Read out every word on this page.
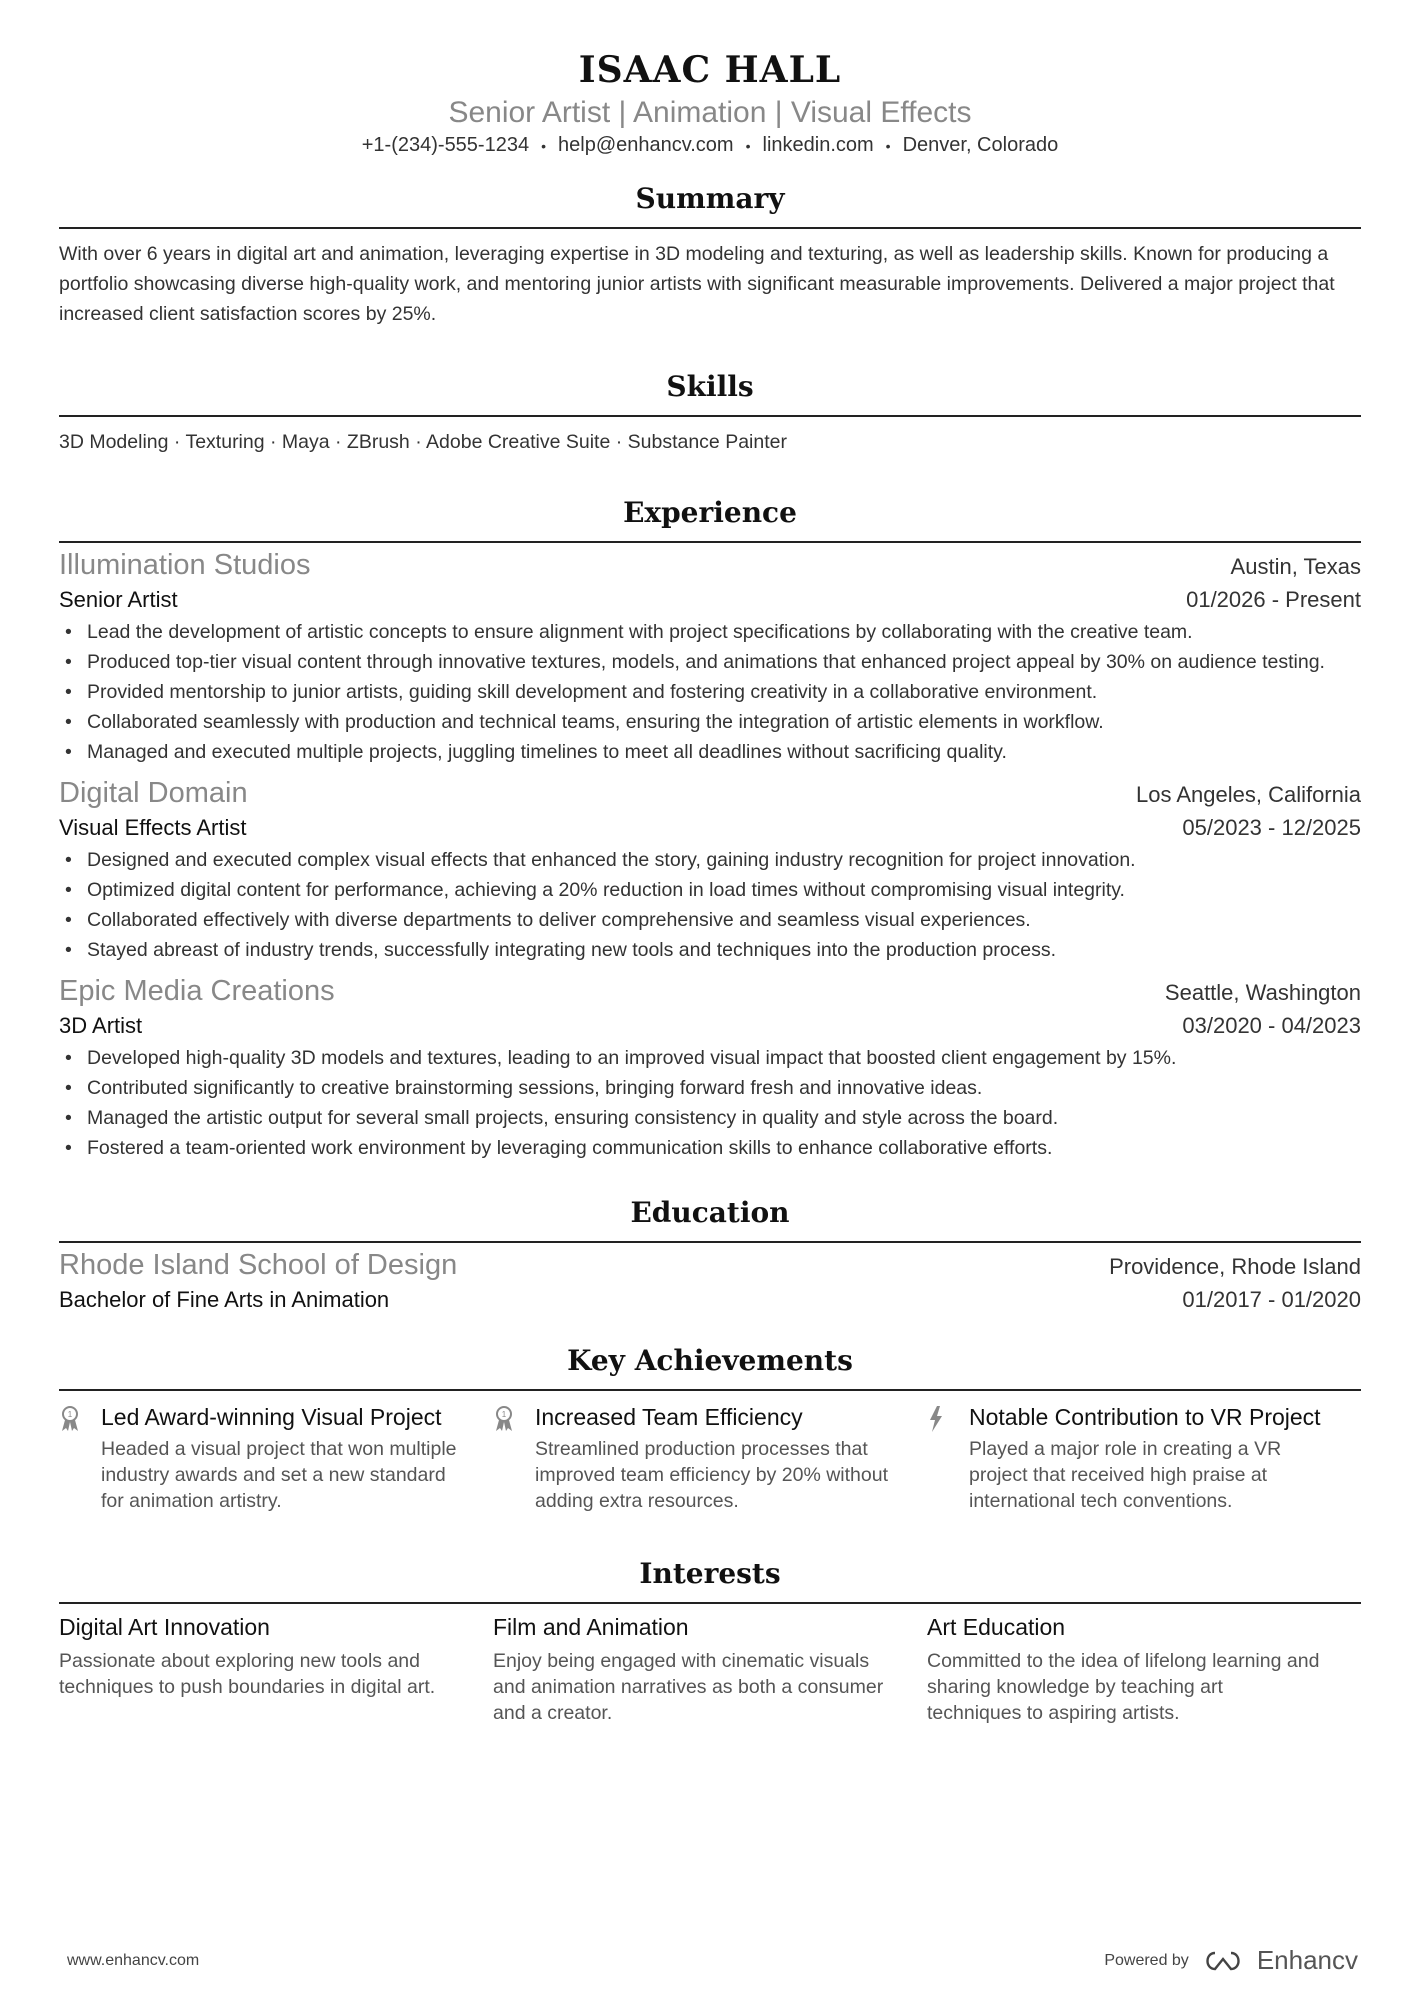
ISAAC HALL
Senior Artist | Animation | Visual Effects
+1-(234)-555-1234 • help@enhancv.com • linkedin.com • Denver, Colorado
Summary
With over 6 years in digital art and animation, leveraging expertise in 3D modeling and texturing, as well as leadership skills. Known for producing a portfolio showcasing diverse high-quality work, and mentoring junior artists with significant measurable improvements. Delivered a major project that increased client satisfaction scores by 25%.
Skills
3D Modeling · Texturing · Maya · ZBrush · Adobe Creative Suite · Substance Painter
Experience
Illumination Studios	Austin, Texas
Senior Artist	01/2026 - Present
• Lead the development of artistic concepts to ensure alignment with project specifications by collaborating with the creative team.
• Produced top-tier visual content through innovative textures, models, and animations that enhanced project appeal by 30% on audience testing.
• Provided mentorship to junior artists, guiding skill development and fostering creativity in a collaborative environment.
• Collaborated seamlessly with production and technical teams, ensuring the integration of artistic elements in workflow.
• Managed and executed multiple projects, juggling timelines to meet all deadlines without sacrificing quality.
Digital Domain	Los Angeles, California
Visual Effects Artist	05/2023 - 12/2025
• Designed and executed complex visual effects that enhanced the story, gaining industry recognition for project innovation.
• Optimized digital content for performance, achieving a 20% reduction in load times without compromising visual integrity.
• Collaborated effectively with diverse departments to deliver comprehensive and seamless visual experiences.
• Stayed abreast of industry trends, successfully integrating new tools and techniques into the production process.
Epic Media Creations	Seattle, Washington
3D Artist	03/2020 - 04/2023
• Developed high-quality 3D models and textures, leading to an improved visual impact that boosted client engagement by 15%.
• Contributed significantly to creative brainstorming sessions, bringing forward fresh and innovative ideas.
• Managed the artistic output for several small projects, ensuring consistency in quality and style across the board.
• Fostered a team-oriented work environment by leveraging communication skills to enhance collaborative efforts.
Education
Rhode Island School of Design	Providence, Rhode Island
Bachelor of Fine Arts in Animation	01/2017 - 01/2020
Key Achievements
1 Led Award-winning Visual Project
Headed a visual project that won multiple industry awards and set a new standard for animation artistry.
1 Increased Team Efficiency
Streamlined production processes that improved team efficiency by 20% without adding extra resources.
Notable Contribution to VR Project
Played a major role in creating a VR project that received high praise at international tech conventions.
Interests
Digital Art Innovation
Passionate about exploring new tools and techniques to push boundaries in digital art.
Film and Animation
Enjoy being engaged with cinematic visuals and animation narratives as both a consumer and a creator.
Art Education
Committed to the idea of lifelong learning and sharing knowledge by teaching art techniques to aspiring artists.
www.enhancv.com	Powered by	Enhancv
